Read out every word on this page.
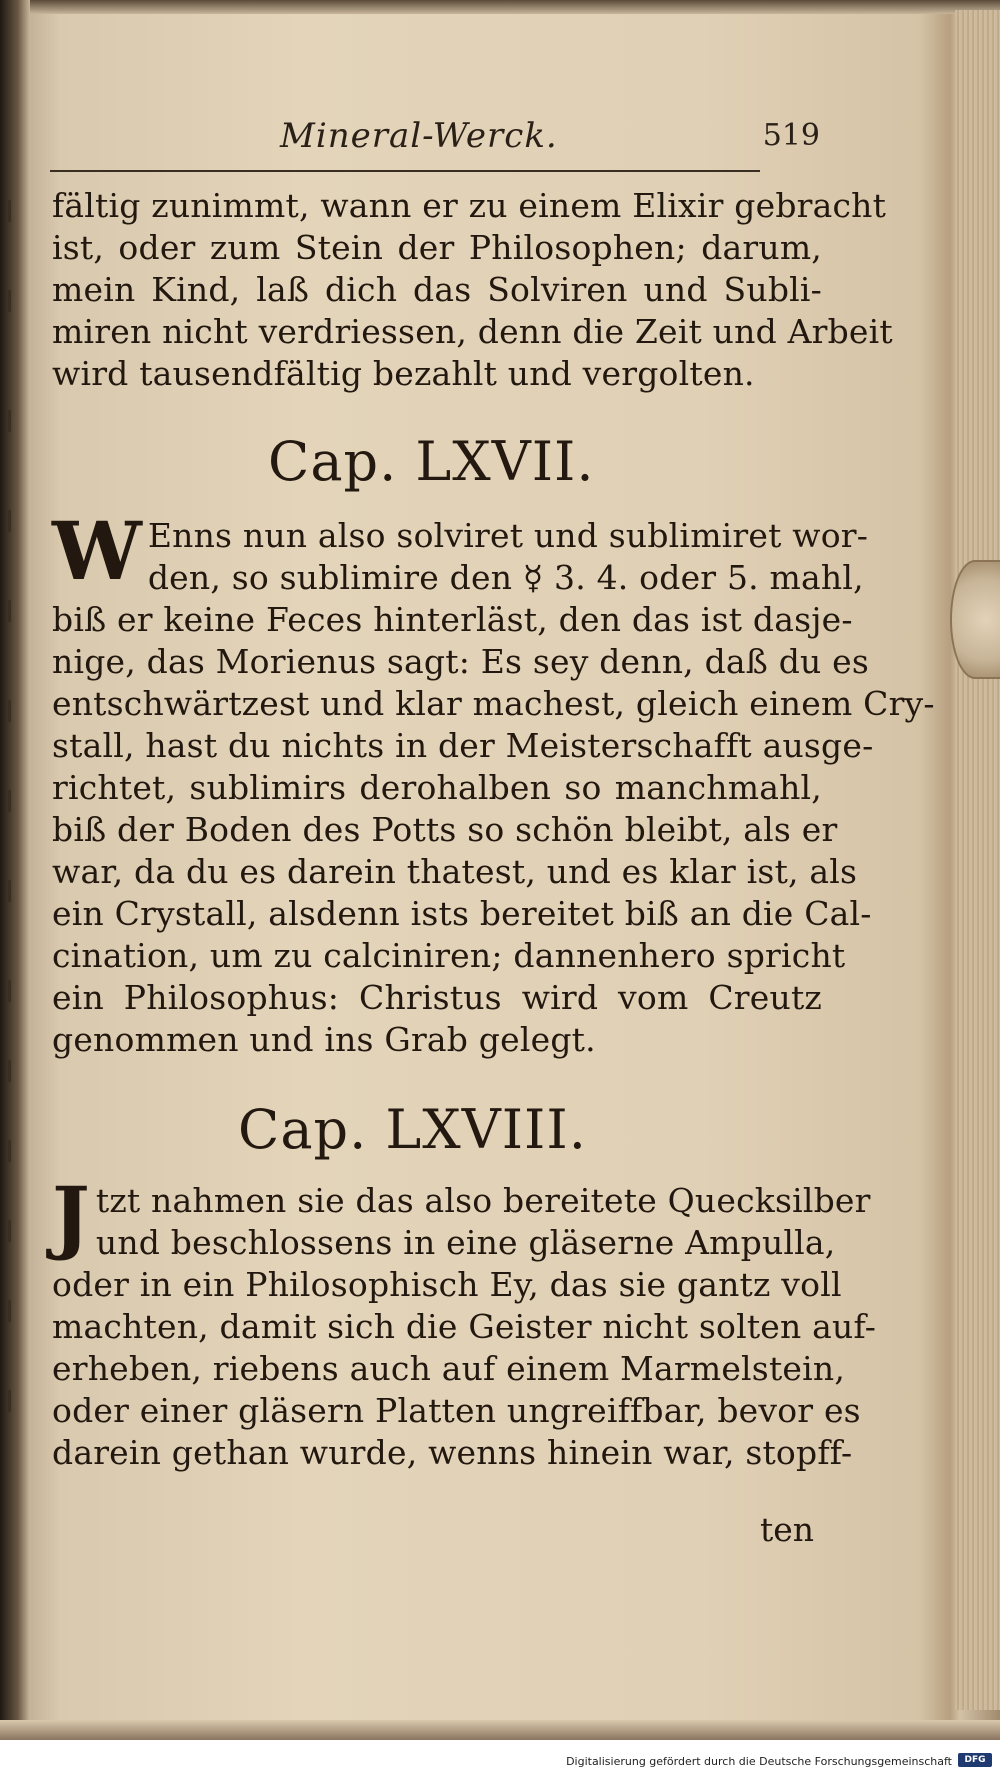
Mineral-Werck.	519
fältig zunimmt, wann er zu einem Elixir gebracht
ist, oder zum Stein der Philosophen; darum,
mein Kind, laß dich das Solviren und Subli-
miren nicht verdriessen, denn die Zeit und Arbeit
wird tausendfältig bezahlt und vergolten.
Cap. LXVII.
W Enns nun also solviret und sublimiret wor-
den, so sublimire den ☿ 3. 4. oder 5. mahl,
biß er keine Feces hinterläst, den das ist dasje-
nige, das Morienus sagt: Es sey denn, daß du es
entschwärtzest und klar machest, gleich einem Cry-
stall, hast du nichts in der Meisterschafft ausge-
richtet, sublimirs derohalben so manchmahl,
biß der Boden des Potts so schön bleibt, als er
war, da du es darein thatest, und es klar ist, als
ein Crystall, alsdenn ists bereitet biß an die Cal-
cination, um zu calciniren; dannenhero spricht
ein Philosophus: Christus wird vom Creutz
genommen und ins Grab gelegt.
Cap. LXVIII.
J tzt nahmen sie das also bereitete Quecksilber
und beschlossens in eine gläserne Ampulla,
oder in ein Philosophisch Ey, das sie gantz voll
machten, damit sich die Geister nicht solten auf-
erheben, riebens auch auf einem Marmelstein,
oder einer gläsern Platten ungreiffbar, bevor es
darein gethan wurde, wenns hinein war, stopff-
ten
Digitalisierung gefördert durch die Deutsche Forschungsgemeinschaft	DFG
